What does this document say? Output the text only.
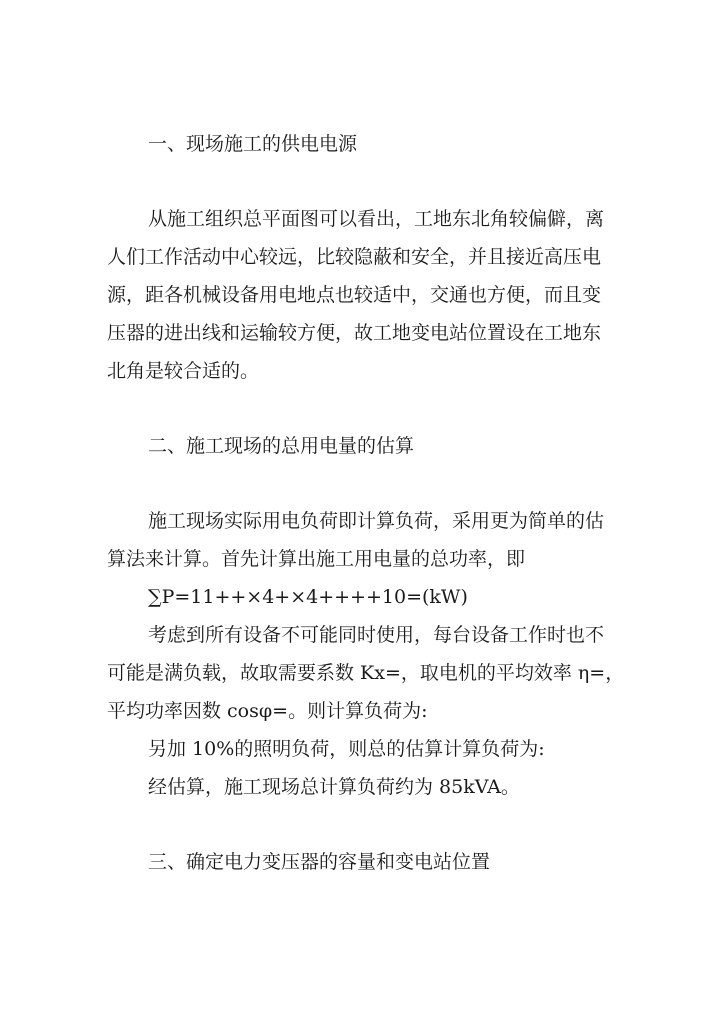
一、现场施工的供电电源
从施工组织总平面图可以看出，工地东北角较偏僻，离
人们工作活动中心较远，比较隐蔽和安全，并且接近高压电
源，距各机械设备用电地点也较适中，交通也方便，而且变
压器的进出线和运输较方便，故工地变电站位置设在工地东
北角是较合适的。
二、施工现场的总用电量的估算
施工现场实际用电负荷即计算负荷，采用更为简单的估
算法来计算。首先计算出施工用电量的总功率，即
∑P=11++×4+×4++++10=(kW)
考虑到所有设备不可能同时使用，每台设备工作时也不
可能是满负载，故取需要系数 Kx=，取电机的平均效率 η=，
平均功率因数 cosφ=。则计算负荷为:
另加 10%的照明负荷，则总的估算计算负荷为:
经估算，施工现场总计算负荷约为 85kVA。
三、确定电力变压器的容量和变电站位置
